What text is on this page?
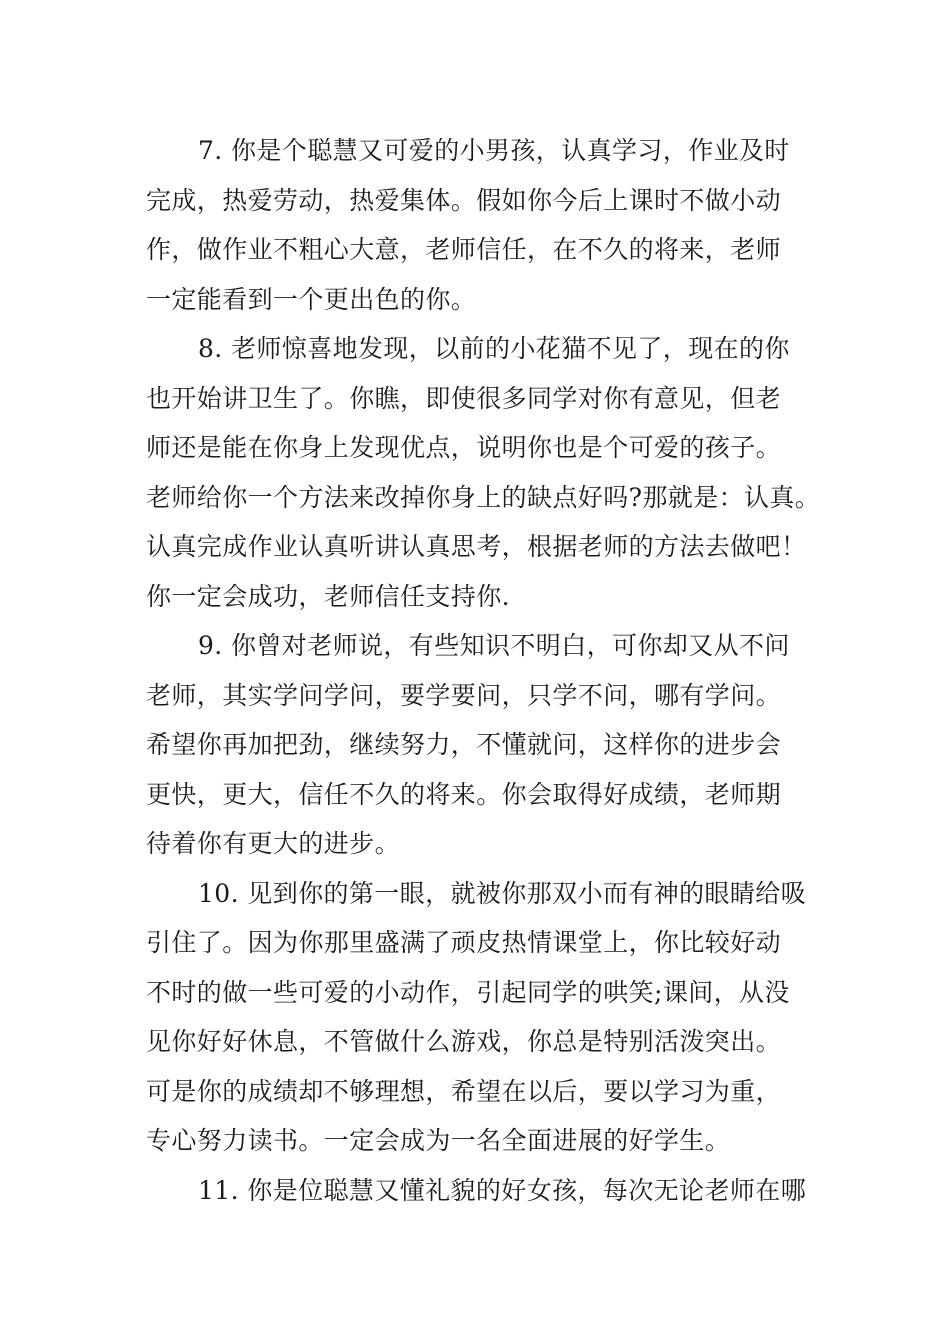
7. 你是个聪慧又可爱的小男孩，认真学习，作业及时
完成，热爱劳动，热爱集体。假如你今后上课时不做小动
作，做作业不粗心大意，老师信任，在不久的将来，老师
一定能看到一个更出色的你。
8. 老师惊喜地发现，以前的小花猫不见了，现在的你
也开始讲卫生了。你瞧，即使很多同学对你有意见，但老
师还是能在你身上发现优点，说明你也是个可爱的孩子。
老师给你一个方法来改掉你身上的缺点好吗?那就是：认真。
认真完成作业认真听讲认真思考，根据老师的方法去做吧！
你一定会成功，老师信任支持你.
9. 你曾对老师说，有些知识不明白，可你却又从不问
老师，其实学问学问，要学要问，只学不问，哪有学问。
希望你再加把劲，继续努力，不懂就问，这样你的进步会
更快，更大，信任不久的将来。你会取得好成绩，老师期
待着你有更大的进步。
10. 见到你的第一眼，就被你那双小而有神的眼睛给吸
引住了。因为你那里盛满了顽皮热情课堂上，你比较好动
不时的做一些可爱的小动作，引起同学的哄笑;课间，从没
见你好好休息，不管做什么游戏，你总是特别活泼突出。
可是你的成绩却不够理想，希望在以后，要以学习为重，
专心努力读书。一定会成为一名全面进展的好学生。
11. 你是位聪慧又懂礼貌的好女孩，每次无论老师在哪
